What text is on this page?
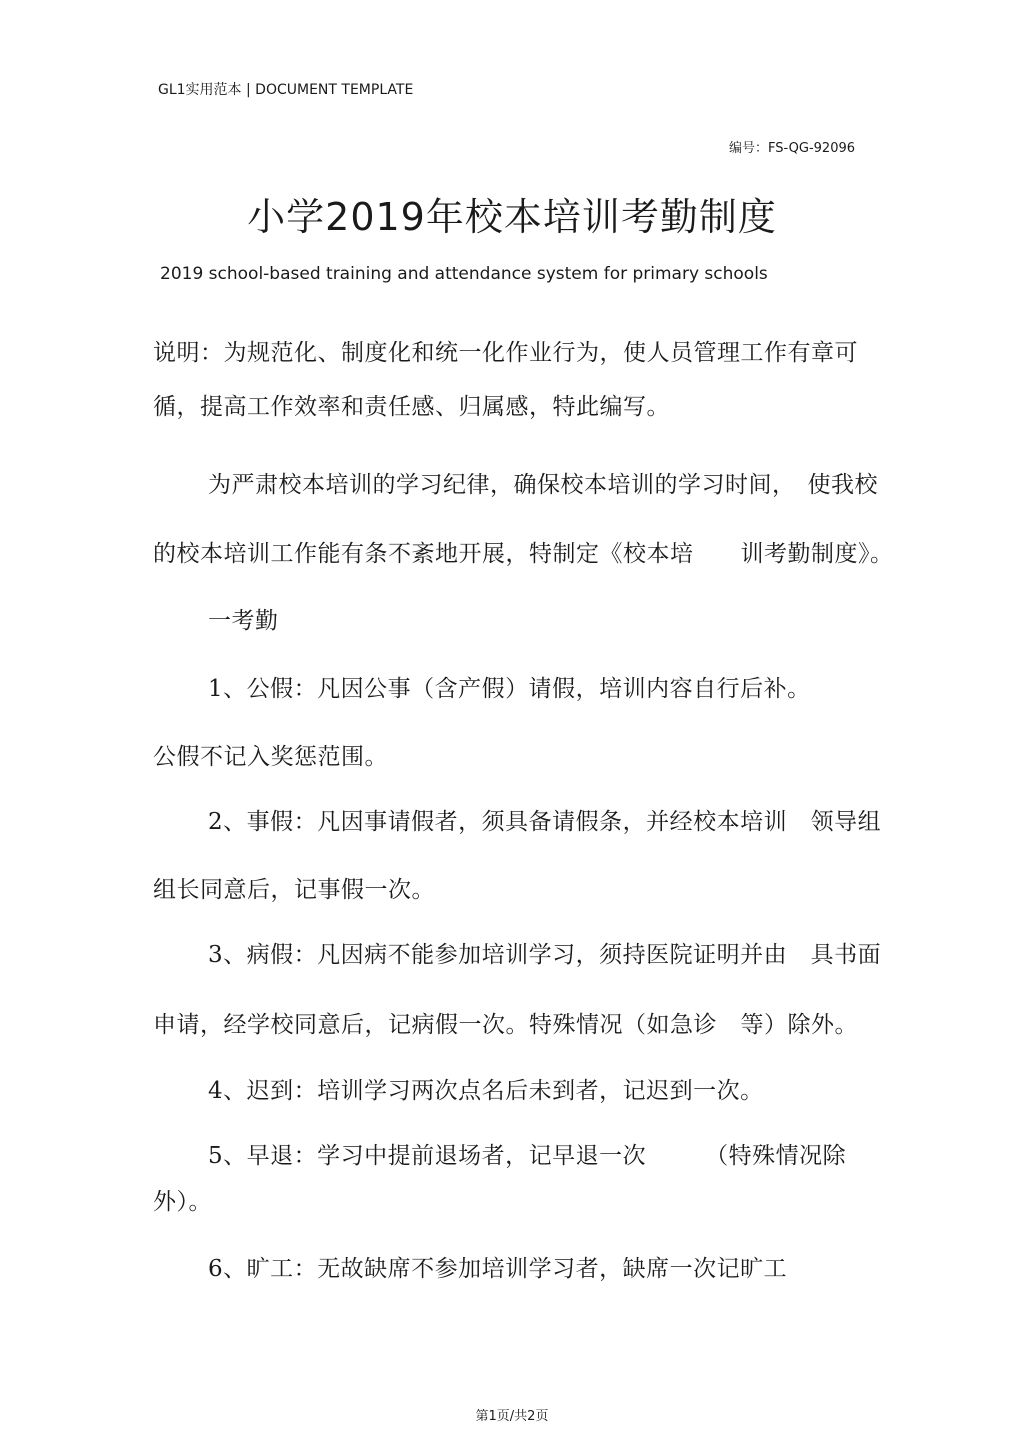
GL1实用范本 | DOCUMENT TEMPLATE
编号：FS-QG-92096
小学2019年校本培训考勤制度
2019 school-based training and attendance system for primary schools
说明：为规范化、制度化和统一化作业行为，使人员管理工作有章可
循，提高工作效率和责任感、归属感，特此编写。
为严肃校本培训的学习纪律，确保校本培训的学习时间，　使我校
的校本培训工作能有条不紊地开展，特制定《校本培　　训考勤制度》。
一考勤
1、公假：凡因公事（含产假）请假，培训内容自行后补。
公假不记入奖惩范围。
2、事假：凡因事请假者，须具备请假条，并经校本培训　领导组
组长同意后，记事假一次。
3、病假：凡因病不能参加培训学习，须持医院证明并由　具书面
申请，经学校同意后，记病假一次。特殊情况（如急诊　等）除外。
4、迟到：培训学习两次点名后未到者，记迟到一次。
5、早退：学习中提前退场者，记早退一次　　　（特殊情况除
外）。
6、旷工：无故缺席不参加培训学习者，缺席一次记旷工
第1页/共2页
